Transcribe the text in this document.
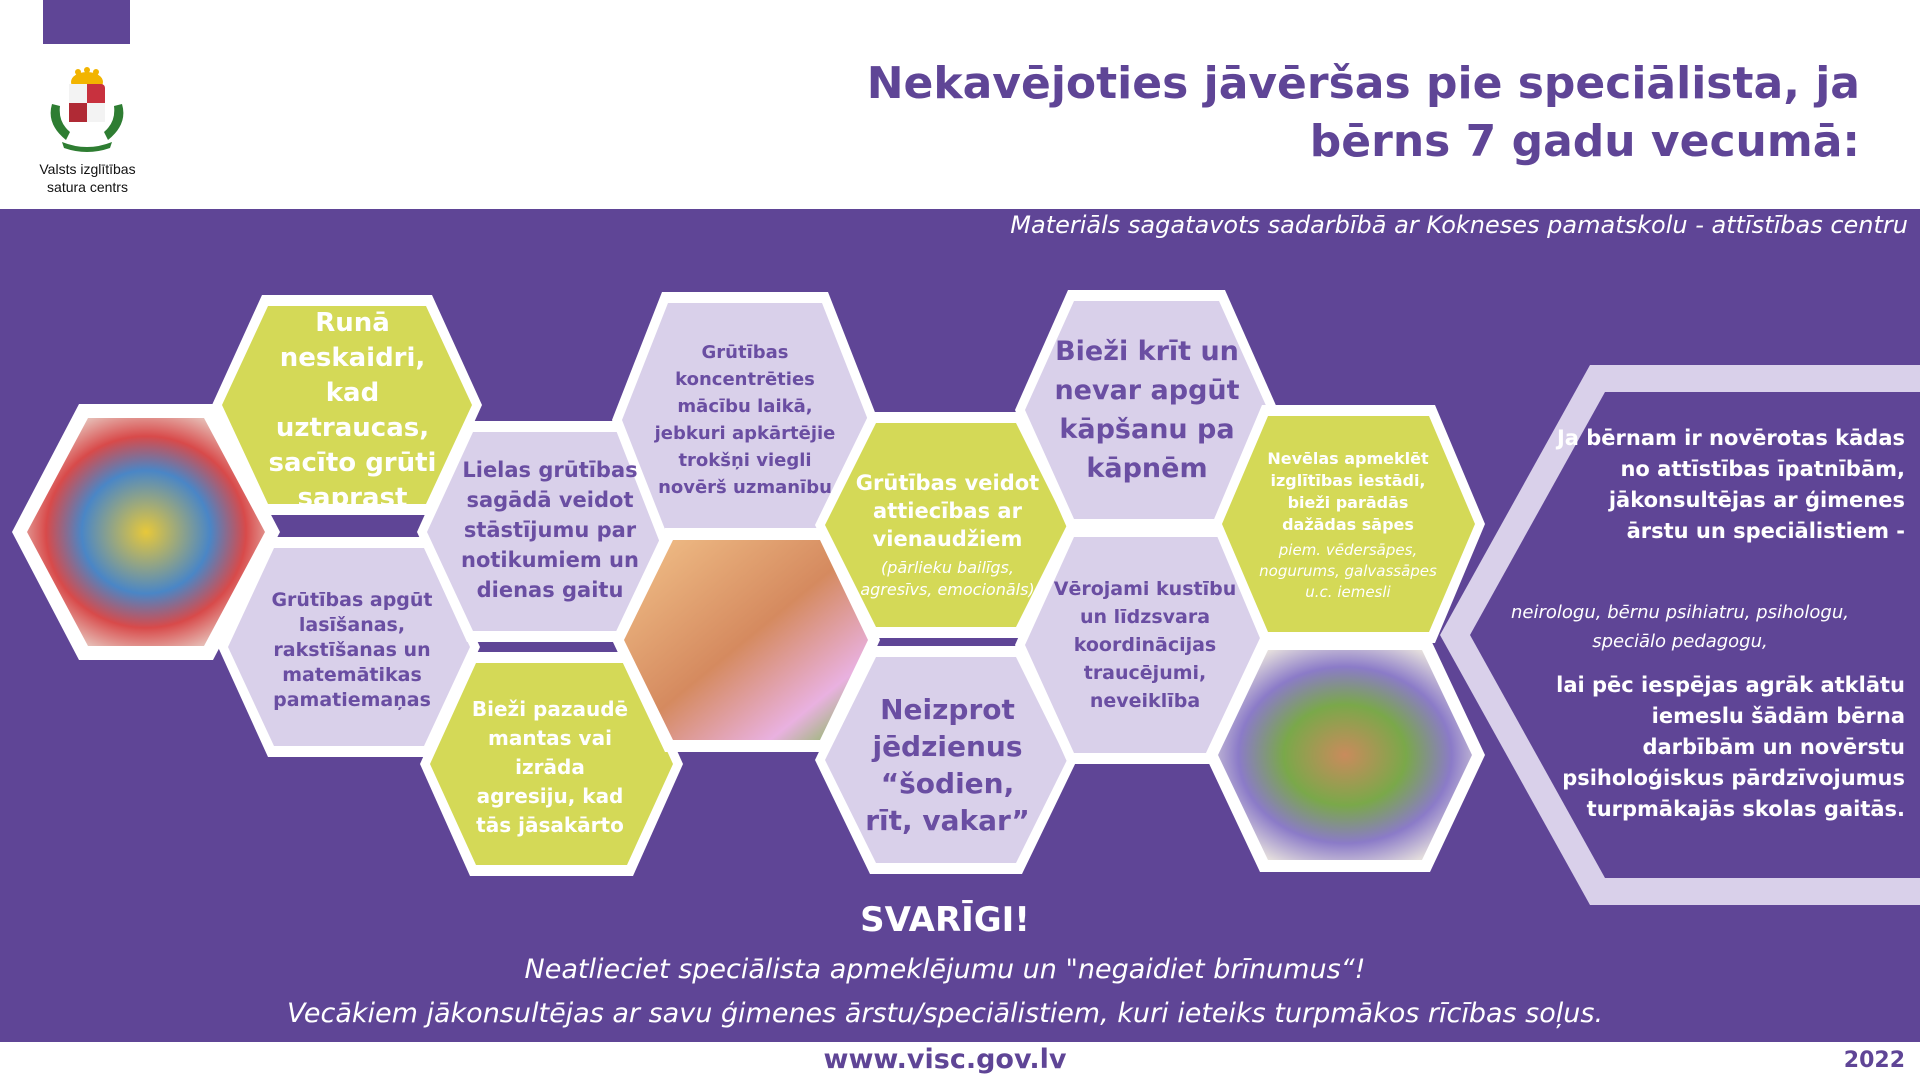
Valsts izglītības
satura centrs
Nekavējoties jāvēršas pie speciālista, ja
bērns 7 gadu vecumā:
Materiāls sagatavots sadarbībā ar Kokneses pamatskolu - attīstības centru
Runā neskaidri, kad uztraucas, sacīto grūti saprast
Grūtības apgūt lasīšanas, rakstīšanas un matemātikas pamatiemaņas
Lielas grūtības sagādā veidot stāstījumu par notikumiem un dienas gaitu
Bieži pazaudē mantas vai izrāda agresiju, kad tās jāsakārto
Grūtības koncentrēties mācību laikā, jebkuri apkārtējie trokšņi viegli novērš uzmanību	Grūtības veidot attiecības ar vienaudžiem
(pārlieku bailīgs, agresīvs, emocionāls)
Neizprot jēdzienus “šodien, rīt, vakar”
Bieži krīt un nevar apgūt kāpšanu pa kāpnēm
Vērojami kustību un līdzsvara koordinācijas traucējumi, neveiklība
Nevēlas apmeklēt izglītības iestādi, bieži parādās dažādas sāpes
piem. vēdersāpes, nogurums, galvassāpes u.c. iemesli
Ja bērnam ir novērotas kādas no attīstības īpatnībām, jākonsultējas ar ģimenes ārstu un speciālistiem -
neirologu, bērnu psihiatru, psihologu,
speciālo pedagogu,
lai pēc iespējas agrāk atklātu iemeslu šādām bērna darbībām un novērstu psiholoģiskus pārdzīvojumus turpmākajās skolas gaitās.
SVARĪGI!
Neatlieciet speciālista apmeklējumu un "negaidiet brīnumus“!
Vecākiem jākonsultējas ar savu ģimenes ārstu/speciālistiem, kuri ieteiks turpmākos rīcības soļus.
www.visc.gov.lv	2022
